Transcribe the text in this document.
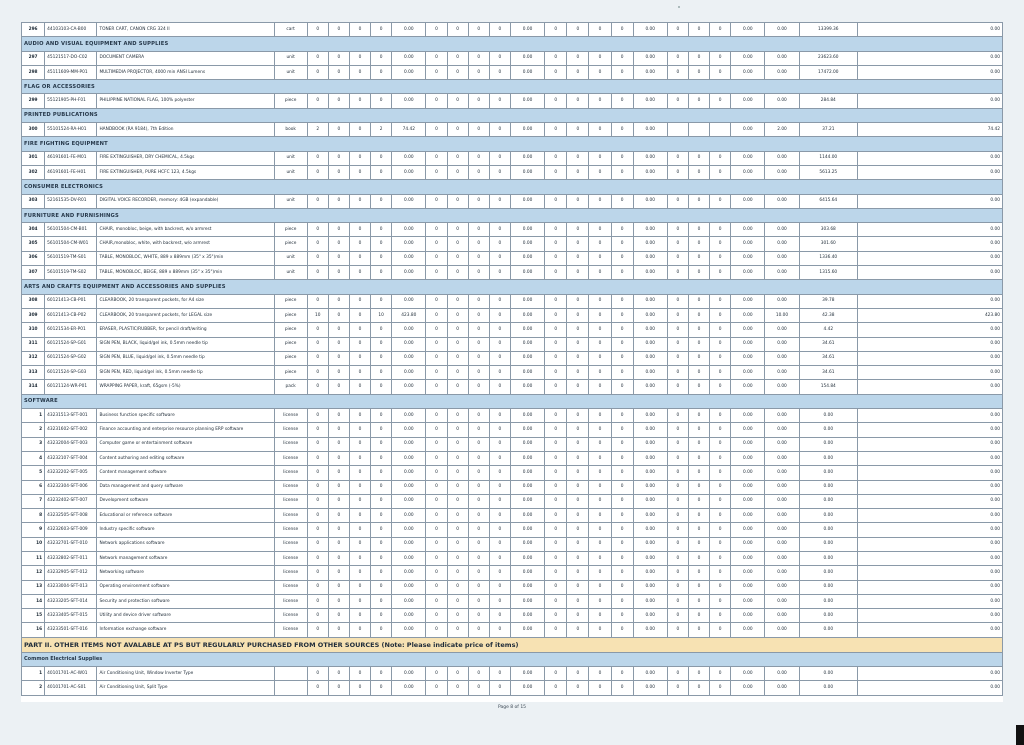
296	44103103-CA-B00	TONER CART, CANON CRG 324 II	cart	0	0	0	0	0.00	0	0	0	0	0.00	0	0	0	0	0.00	0	0	0	0.00	0.00	13399.36	0.00
AUDIO AND VISUAL EQUIPMENT AND SUPPLIES																									
297	45121517-DO-C02	DOCUMENT CAMERA	unit	0	0	0	0	0.00	0	0	0	0	0.00	0	0	0	0	0.00	0	0	0	0.00	0.00	23623.60	0.00
298	45111609-MM-P01	MULTIMEDIA PROJECTOR, 4000 min ANSI Lumens	unit	0	0	0	0	0.00	0	0	0	0	0.00	0	0	0	0	0.00	0	0	0	0.00	0.00	17472.00	0.00
FLAG OR ACCESSORIES																									
299	55121905-PH-F01	PHILIPPINE NATIONAL FLAG, 100% polyester	piece	0	0	0	0	0.00	0	0	0	0	0.00	0	0	0	0	0.00	0	0	0	0.00	0.00	284.84	0.00
PRINTED PUBLICATIONS																									
300	55101524-RA-H01	HANDBOOK (RA 9184), 7th Edition	book	2	0	0	2	74.42	0	0	0	0	0.00	0	0	0	0	0.00				0.00	2.00	37.21	74.42
FIRE FIGHTING EQUIPMENT																									
301	46191601-FE-M01	FIRE EXTINGUISHER, DRY CHEMICAL, 4.5kgs	unit	0	0	0	0	0.00	0	0	0	0	0.00	0	0	0	0	0.00	0	0	0	0.00	0.00	1144.00	0.00
302	46191601-FE-H01	FIRE EXTINGUISHER, PURE HCFC 123, 4.5kgs	unit	0	0	0	0	0.00	0	0	0	0	0.00	0	0	0	0	0.00	0	0	0	0.00	0.00	5613.25	0.00
CONSUMER ELECTRONICS																									
303	52161535-DV-R01	DIGITAL VOICE RECORDER, memory: 4GB (expandable)	unit	0	0	0	0	0.00	0	0	0	0	0.00	0	0	0	0	0.00	0	0	0	0.00	0.00	6415.64	0.00
FURNITURE AND FURNISHINGS																									
304	56101504-CM-B01	CHAIR, monobloc, beige, with backrest, w/o armrest	piece	0	0	0	0	0.00	0	0	0	0	0.00	0	0	0	0	0.00	0	0	0	0.00	0.00	303.68	0.00
305	56101504-CM-W01	CHAIR,monobloc, white, with backrest, w/o armrest	piece	0	0	0	0	0.00	0	0	0	0	0.00	0	0	0	0	0.00	0	0	0	0.00	0.00	301.60	0.00
306	56101519-TM-S01	TABLE, MONOBLOC, WHITE, 889 x 889mm (35" x 35")min	unit	0	0	0	0	0.00	0	0	0	0	0.00	0	0	0	0	0.00	0	0	0	0.00	0.00	1336.40	0.00
307	56101519-TM-S02	TABLE, MONOBLOC, BEIGE, 889 x 889mm (35" x 35")min	unit	0	0	0	0	0.00	0	0	0	0	0.00	0	0	0	0	0.00	0	0	0	0.00	0.00	1315.60	0.00
ARTS AND CRAFTS EQUIPMENT AND ACCESSORIES AND SUPPLIES																									
308	60121413-CB-P01	CLEARBOOK, 20 transparent pockets, for A4 size	piece	0	0	0	0	0.00	0	0	0	0	0.00	0	0	0	0	0.00	0	0	0	0.00	0.00	39.78	0.00
309	60121413-CB-P02	CLEARBOOK, 20 transparent pockets, for LEGAL size	piece	10	0	0	10	423.80	0	0	0	0	0.00	0	0	0	0	0.00	0	0	0	0.00	10.00	42.38	423.80
310	60121534-ER-P01	ERASER, PLASTIC/RUBBER, for pencil draft/writing	piece	0	0	0	0	0.00	0	0	0	0	0.00	0	0	0	0	0.00	0	0	0	0.00	0.00	4.42	0.00
311	60121524-SP-G01	SIGN PEN, BLACK, liquid/gel ink, 0.5mm needle tip	piece	0	0	0	0	0.00	0	0	0	0	0.00	0	0	0	0	0.00	0	0	0	0.00	0.00	34.61	0.00
312	60121524-SP-G02	SIGN PEN, BLUE, liquid/gel ink, 0.5mm needle tip	piece	0	0	0	0	0.00	0	0	0	0	0.00	0	0	0	0	0.00	0	0	0	0.00	0.00	34.61	0.00
313	60121524-SP-G03	SIGN PEN, RED, liquid/gel ink, 0.5mm needle tip	piece	0	0	0	0	0.00	0	0	0	0	0.00	0	0	0	0	0.00	0	0	0	0.00	0.00	34.61	0.00
314	60121124-WR-P01	WRAPPING PAPER, kraft, 65gsm (-5%)	pack	0	0	0	0	0.00	0	0	0	0	0.00	0	0	0	0	0.00	0	0	0	0.00	0.00	154.84	0.00
SOFTWARE																									
1	43231513-SFT-001	Business function specific software	license	0	0	0	0	0.00	0	0	0	0	0.00	0	0	0	0	0.00	0	0	0	0.00	0.00	0.00	0.00
2	43231602-SFT-002	Finance accounting and enterprise resource planning ERP software	license	0	0	0	0	0.00	0	0	0	0	0.00	0	0	0	0	0.00	0	0	0	0.00	0.00	0.00	0.00
3	43232004-SFT-003	Computer game or entertainment software	license	0	0	0	0	0.00	0	0	0	0	0.00	0	0	0	0	0.00	0	0	0	0.00	0.00	0.00	0.00
4	43232107-SFT-004	Content authoring and editing software	license	0	0	0	0	0.00	0	0	0	0	0.00	0	0	0	0	0.00	0	0	0	0.00	0.00	0.00	0.00
5	43232202-SFT-005	Content management software	license	0	0	0	0	0.00	0	0	0	0	0.00	0	0	0	0	0.00	0	0	0	0.00	0.00	0.00	0.00
6	43232304-SFT-006	Data management and query software	license	0	0	0	0	0.00	0	0	0	0	0.00	0	0	0	0	0.00	0	0	0	0.00	0.00	0.00	0.00
7	43232402-SFT-007	Development software	license	0	0	0	0	0.00	0	0	0	0	0.00	0	0	0	0	0.00	0	0	0	0.00	0.00	0.00	0.00
8	43232505-SFT-008	Educational or reference software	license	0	0	0	0	0.00	0	0	0	0	0.00	0	0	0	0	0.00	0	0	0	0.00	0.00	0.00	0.00
9	43232603-SFT-009	Industry specific software	license	0	0	0	0	0.00	0	0	0	0	0.00	0	0	0	0	0.00	0	0	0	0.00	0.00	0.00	0.00
10	43232701-SFT-010	Network applications software	license	0	0	0	0	0.00	0	0	0	0	0.00	0	0	0	0	0.00	0	0	0	0.00	0.00	0.00	0.00
11	43232802-SFT-011	Network management software	license	0	0	0	0	0.00	0	0	0	0	0.00	0	0	0	0	0.00	0	0	0	0.00	0.00	0.00	0.00
12	43232905-SFT-012	Networking software	license	0	0	0	0	0.00	0	0	0	0	0.00	0	0	0	0	0.00	0	0	0	0.00	0.00	0.00	0.00
13	43233004-SFT-013	Operating environment software	license	0	0	0	0	0.00	0	0	0	0	0.00	0	0	0	0	0.00	0	0	0	0.00	0.00	0.00	0.00
14	43233205-SFT-014	Security and protection software	license	0	0	0	0	0.00	0	0	0	0	0.00	0	0	0	0	0.00	0	0	0	0.00	0.00	0.00	0.00
15	43233405-SFT-015	Utility and device driver software	license	0	0	0	0	0.00	0	0	0	0	0.00	0	0	0	0	0.00	0	0	0	0.00	0.00	0.00	0.00
16	43233501-SFT-016	Information exchange software	license	0	0	0	0	0.00	0	0	0	0	0.00	0	0	0	0	0.00	0	0	0	0.00	0.00	0.00	0.00
PART II. OTHER ITEMS NOT AVALABLE AT PS BUT REGULARLY PURCHASED FROM OTHER SOURCES (Note: Please indicate price of items)																									
Common Electrical Supplies																									
1	40101701-AC-W01	Air Conditioning Unit, Window Inverter Type		0	0	0	0	0.00	0	0	0	0	0.00	0	0	0	0	0.00	0	0	0	0.00	0.00	0.00	0.00
2	40101701-AC-S01	Air Conditioning Unit, Split Type		0	0	0	0	0.00	0	0	0	0	0.00	0	0	0	0	0.00	0	0	0	0.00	0.00	0.00	0.00
Page 8 of 15
